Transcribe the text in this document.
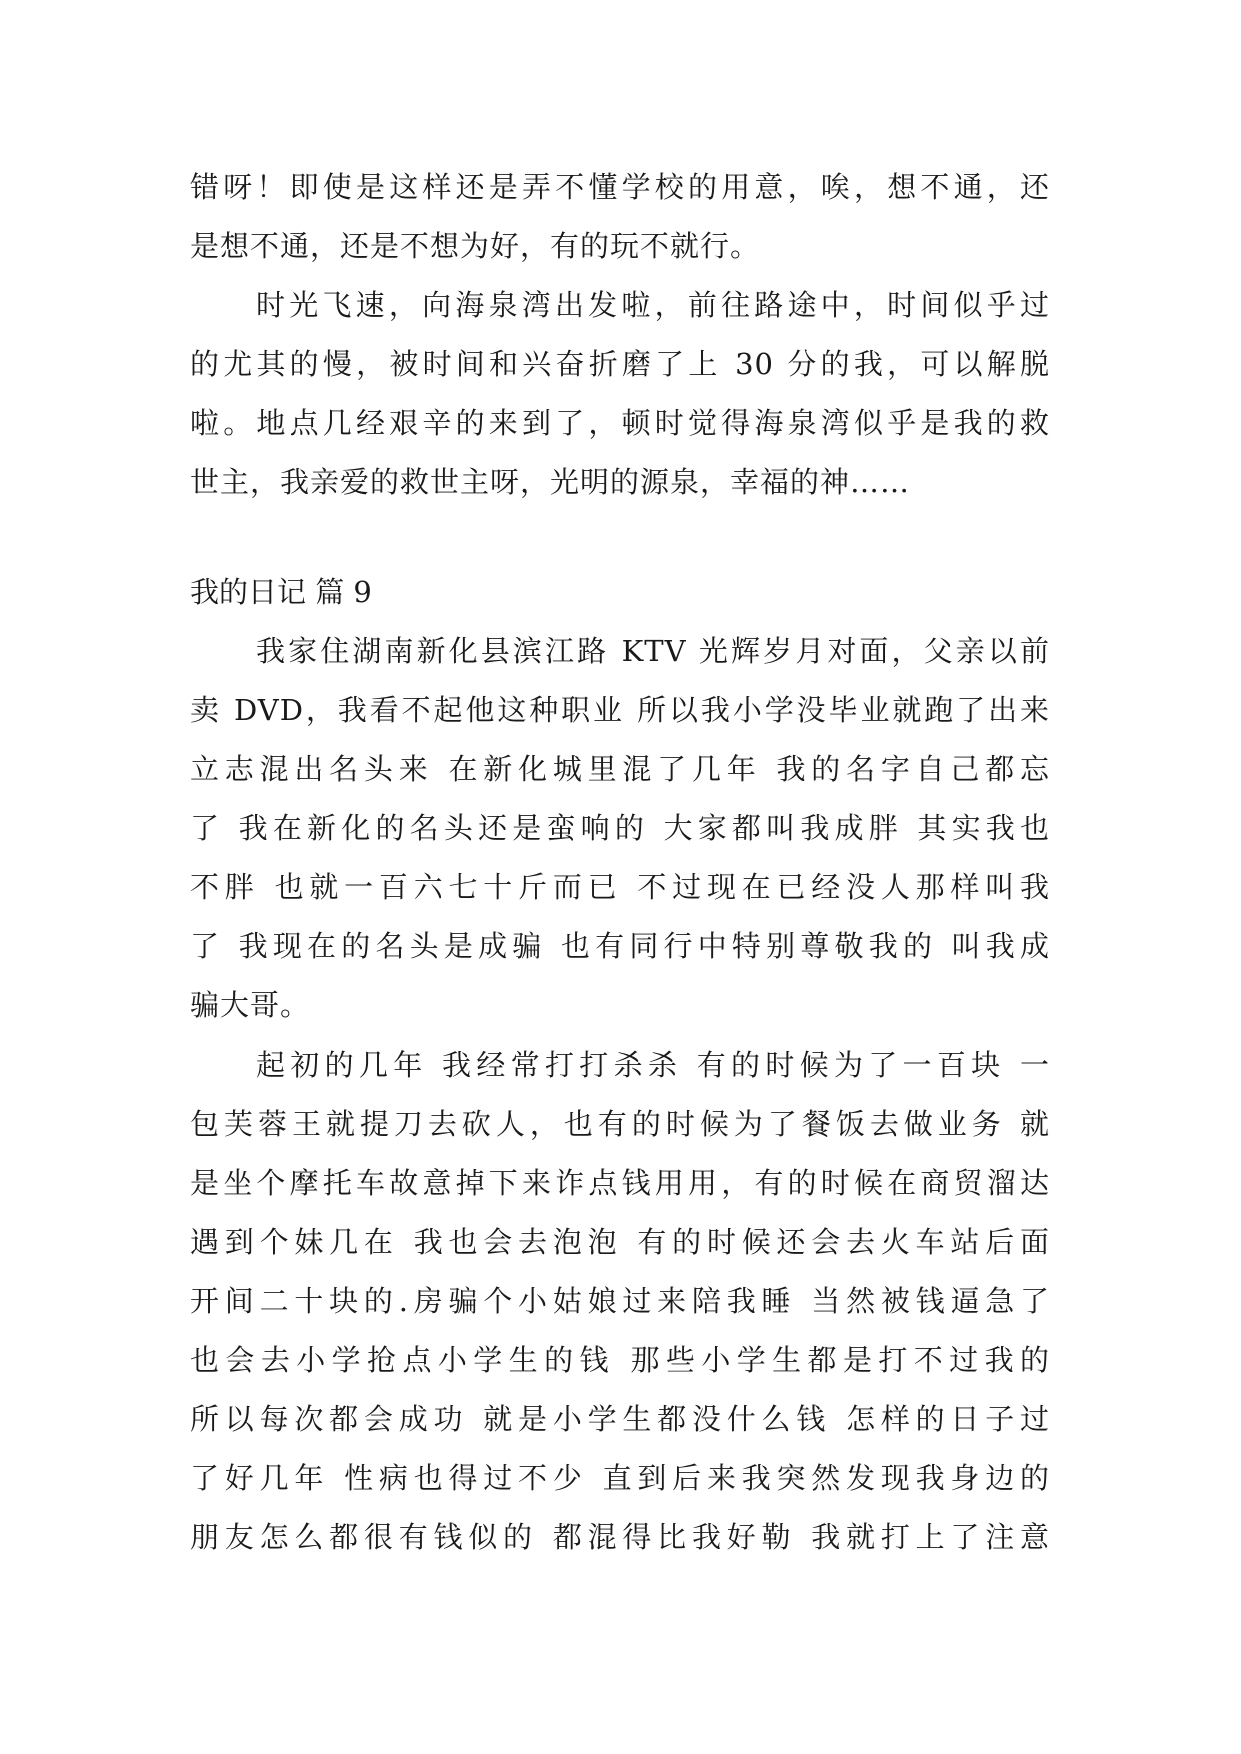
错呀！即使是这样还是弄不懂学校的用意，唉，想不通，还
是想不通，还是不想为好，有的玩不就行。
时光飞速，向海泉湾出发啦，前往路途中，时间似乎过
的尤其的慢，被时间和兴奋折磨了上 30 分的我，可以解脱
啦。地点几经艰辛的来到了，顿时觉得海泉湾似乎是我的救
世主，我亲爱的救世主呀，光明的源泉，幸福的神……
我的日记 篇 9
我家住湖南新化县滨江路 KTV 光辉岁月对面，父亲以前
卖 DVD，我看不起他这种职业 所以我小学没毕业就跑了出来
立志混出名头来 在新化城里混了几年 我的名字自己都忘
了 我在新化的名头还是蛮响的 大家都叫我成胖 其实我也
不胖 也就一百六七十斤而已 不过现在已经没人那样叫我
了 我现在的名头是成骗 也有同行中特别尊敬我的 叫我成
骗大哥。
起初的几年 我经常打打杀杀 有的时候为了一百块 一
包芙蓉王就提刀去砍人，也有的时候为了餐饭去做业务 就
是坐个摩托车故意掉下来诈点钱用用，有的时候在商贸溜达
遇到个妹几在 我也会去泡泡 有的时候还会去火车站后面
开间二十块的.房骗个小姑娘过来陪我睡 当然被钱逼急了
也会去小学抢点小学生的钱 那些小学生都是打不过我的
所以每次都会成功 就是小学生都没什么钱 怎样的日子过
了好几年 性病也得过不少 直到后来我突然发现我身边的
朋友怎么都很有钱似的 都混得比我好勒 我就打上了注意
